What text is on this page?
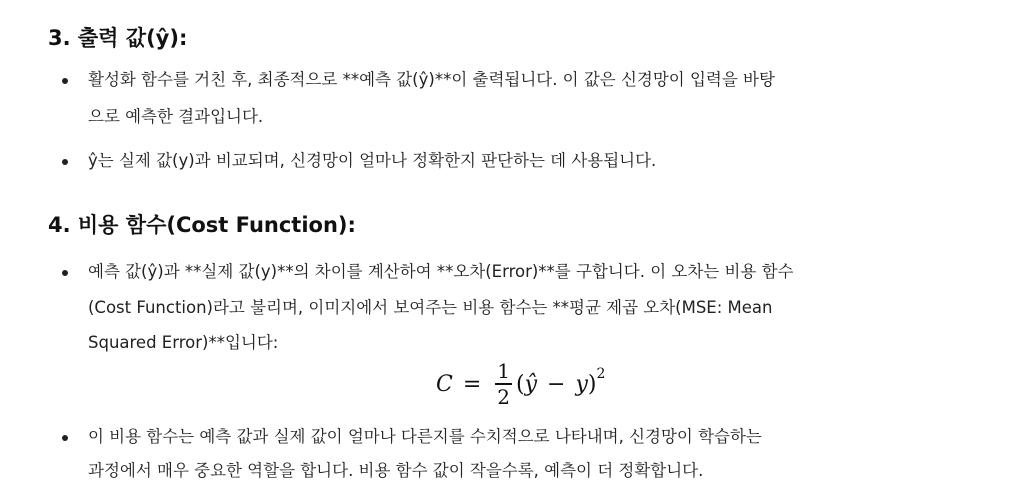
3. 출력 값(ŷ):

활성화 함수를 거친 후, 최종적으로 **예측 값(ŷ)**이 출력됩니다. 이 값은 신경망이 입력을 바탕

으로 예측한 결과입니다.

ŷ는 실제 값(y)과 비교되며, 신경망이 얼마나 정확한지 판단하는 데 사용됩니다.

4. 비용 함수(Cost Function):

예측 값(ŷ)과 **실제 값(y)**의 차이를 계산하여 **오차(Error)**를 구합니다. 이 오차는 비용 함수

(Cost Function)라고 불리며, 이미지에서 보여주는 비용 함수는 **평균 제곱 오차(MSE: Mean

Squared Error)**입니다:

$C = \frac{1}{2}$ ( ŷ − y ) 2

이 비용 함수는 예측 값과 실제 값이 얼마나 다른지를 수치적으로 나타내며, 신경망이 학습하는

과정에서 매우 중요한 역할을 합니다. 비용 함수 값이 작을수록, 예측이 더 정확합니다.
